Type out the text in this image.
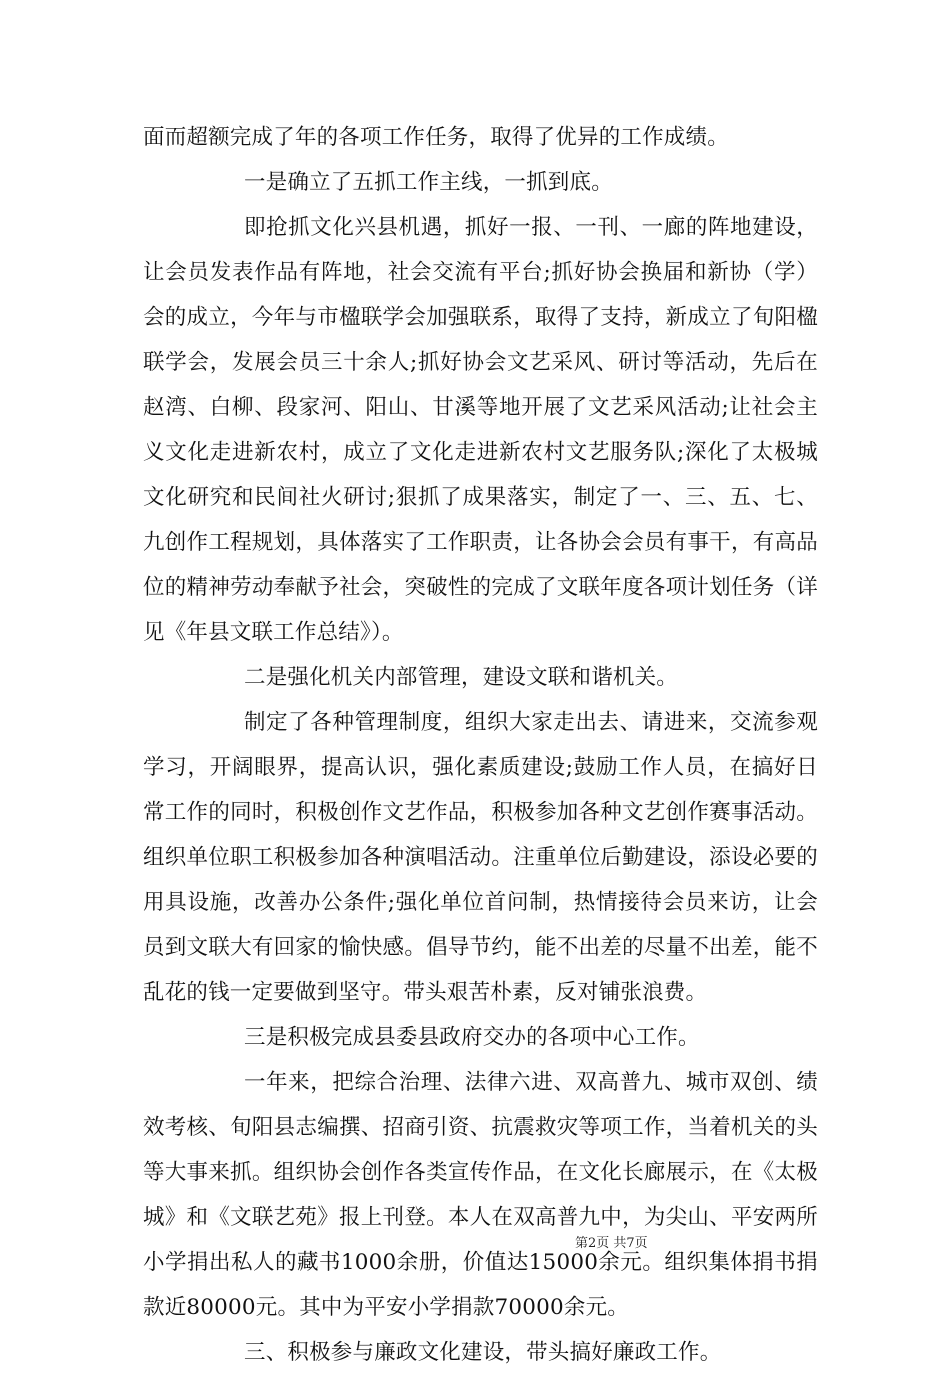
面而超额完成了年的各项工作任务，取得了优异的工作成绩。

一是确立了五抓工作主线，一抓到底。

即抢抓文化兴县机遇，抓好一报、一刊、一廊的阵地建设，让会员发表作品有阵地，社会交流有平台;抓好协会换届和新协（学）会的成立，今年与市楹联学会加强联系，取得了支持，新成立了旬阳楹联学会，发展会员三十余人;抓好协会文艺采风、研讨等活动，先后在赵湾、白柳、段家河、阳山、甘溪等地开展了文艺采风活动;让社会主义文化走进新农村，成立了文化走进新农村文艺服务队;深化了太极城文化研究和民间社火研讨;狠抓了成果落实，制定了一、三、五、七、九创作工程规划，具体落实了工作职责，让各协会会员有事干，有高品位的精神劳动奉献予社会，突破性的完成了文联年度各项计划任务（详见《年县文联工作总结》）。

二是强化机关内部管理，建设文联和谐机关。

制定了各种管理制度，组织大家走出去、请进来，交流参观学习，开阔眼界，提高认识，强化素质建设;鼓励工作人员，在搞好日常工作的同时，积极创作文艺作品，积极参加各种文艺创作赛事活动。组织单位职工积极参加各种演唱活动。注重单位后勤建设，添设必要的用具设施，改善办公条件;强化单位首问制，热情接待会员来访，让会员到文联大有回家的愉快感。倡导节约，能不出差的尽量不出差，能不乱花的钱一定要做到坚守。带头艰苦朴素，反对铺张浪费。

三是积极完成县委县政府交办的各项中心工作。

一年来，把综合治理、法律六进、双高普九、城市双创、绩效考核、旬阳县志编撰、招商引资、抗震救灾等项工作，当着机关的头等大事来抓。组织协会创作各类宣传作品，在文化长廊展示，在《太极城》和《文联艺苑》报上刊登。本人在双高普九中，为尖山、平安两所小学捐出私人的藏书1000余册，价值达15000余元。组织集体捐书捐款近80000元。其中为平安小学捐款70000余元。

三、积极参与廉政文化建设，带头搞好廉政工作。

第2页 共7页
